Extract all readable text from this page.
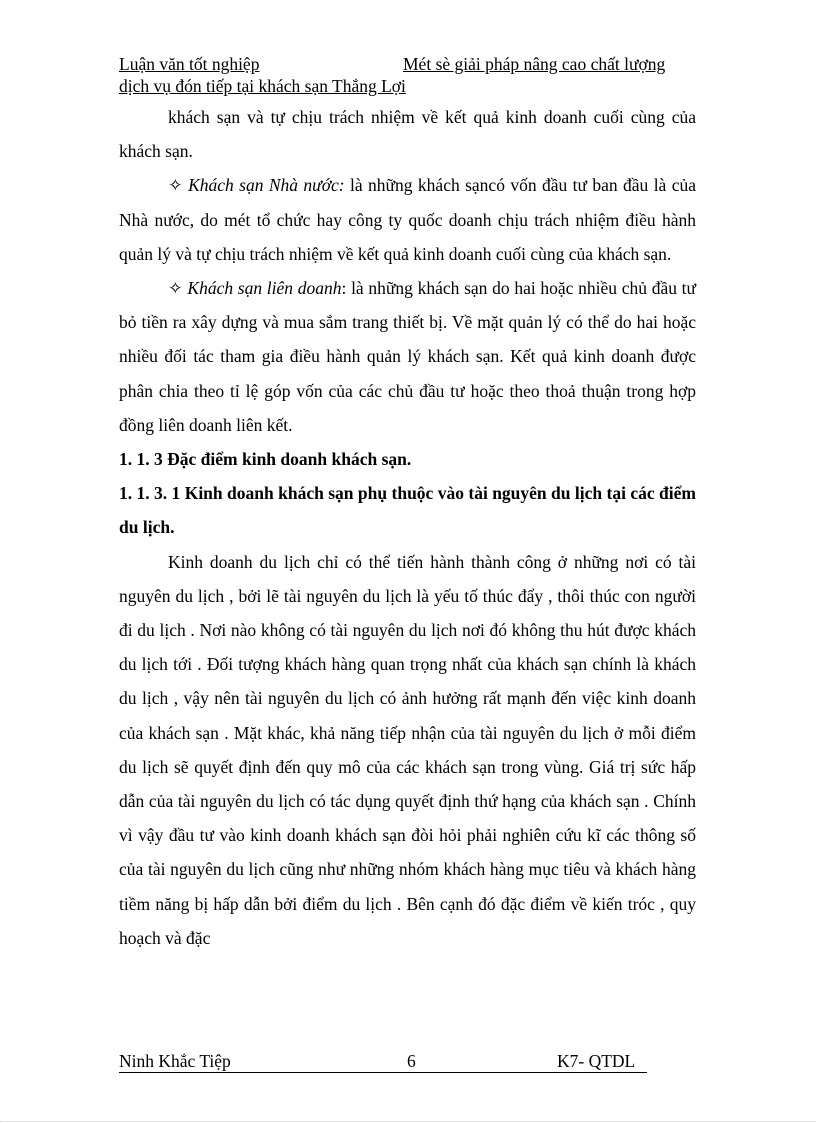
Luận văn tốt nghiệp	Mét sè giải pháp nâng cao chất lượng
dịch vụ đón tiếp tại khách sạn Thắng Lợi

khách sạn và tự chịu trách nhiệm về kết quả kinh doanh cuối cùng của khách sạn.

✧ Khách sạn Nhà nước: là những khách sạncó vốn đầu tư ban đầu là của Nhà nước, do mét tổ chức hay công ty quốc doanh chịu trách nhiệm điều hành quản lý và tự chịu trách nhiệm về kết quả kinh doanh cuối cùng của khách sạn.

✧ Khách sạn liên doanh: là những khách sạn do hai hoặc nhiều chủ đầu tư bỏ tiền ra xây dựng và mua sắm trang thiết bị. Về mặt quản lý có thể do hai hoặc nhiều đối tác tham gia điều hành quản lý khách sạn. Kết quả kinh doanh được phân chia theo tỉ lệ góp vốn của các chủ đầu tư hoặc theo thoả thuận trong hợp đồng liên doanh liên kết.

1. 1. 3 Đặc điểm kinh doanh khách sạn.

1. 1. 3. 1 Kinh doanh khách sạn phụ thuộc vào tài nguyên du lịch tại các điểm du lịch.

Kinh doanh du lịch chỉ có thể tiến hành thành công ở những nơi có tài nguyên du lịch , bởi lẽ tài nguyên du lịch là yếu tố thúc đẩy , thôi thúc con người đi du lịch . Nơi nào không có tài nguyên du lịch nơi đó không thu hút được khách du lịch tới . Đối tượng khách hàng quan trọng nhất của khách sạn chính là khách du lịch , vậy nên tài nguyên du lịch có ảnh hưởng rất mạnh đến việc kinh doanh của khách sạn . Mặt khác, khả năng tiếp nhận của tài nguyên du lịch ở mỗi điểm du lịch sẽ quyết định đến quy mô của các khách sạn trong vùng. Giá trị sức hấp dẫn của tài nguyên du lịch có tác dụng quyết định thứ hạng của khách sạn . Chính vì vậy đầu tư vào kinh doanh khách sạn đòi hỏi phải nghiên cứu kĩ các thông số của tài nguyên du lịch cũng như những nhóm khách hàng mục tiêu và khách hàng tiềm năng bị hấp dẫn bởi điểm du lịch . Bên cạnh đó đặc điểm về kiến tróc , quy hoạch và đặc

Ninh Khắc Tiệp	6	K7- QTDL
